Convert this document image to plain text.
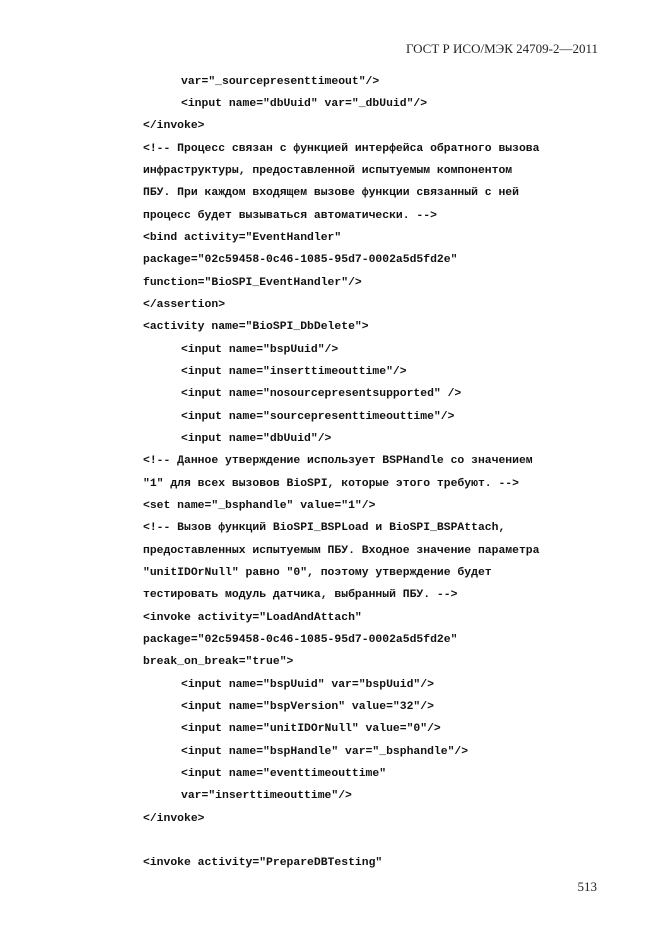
ГОСТ Р ИСО/МЭК 24709-2—2011
var="_sourcepresenttimeout"/>
<input name="dbUuid" var="_dbUuid"/>
</invoke>
<!-- Процесс связан с функцией интерфейса обратного вызова
инфраструктуры, предоставленной испытуемым компонентом
ПБУ. При каждом входящем вызове функции связанный с ней
процесс будет вызываться автоматически. -->
<bind activity="EventHandler"
package="02c59458-0c46-1085-95d7-0002a5d5fd2e"
function="BioSPI_EventHandler"/>
</assertion>
<activity name="BioSPI_DbDelete">
<input name="bspUuid"/>
<input name="inserttimeouttime"/>
<input name="nosourcepresentsupported" />
<input name="sourcepresenttimeouttime"/>
<input name="dbUuid"/>
<!-- Данное утверждение использует BSPHandle со значением
"1" для всех вызовов BioSPI, которые этого требуют. -->
<set name="_bsphandle" value="1"/>
<!-- Вызов функций BioSPI_BSPLoad и BioSPI_BSPAttach,
предоставленных испытуемым ПБУ. Входное значение параметра
"unitIDOrNull" равно "0", поэтому утверждение будет
тестировать модуль датчика, выбранный ПБУ. -->
<invoke activity="LoadAndAttach"
package="02c59458-0c46-1085-95d7-0002a5d5fd2e"
break_on_break="true">
<input name="bspUuid" var="bspUuid"/>
<input name="bspVersion" value="32"/>
<input name="unitIDOrNull" value="0"/>
<input name="bspHandle" var="_bsphandle"/>
<input name="eventtimeouttime"
var="inserttimeouttime"/>
</invoke>
<invoke activity="PrepareDBTesting"
513
